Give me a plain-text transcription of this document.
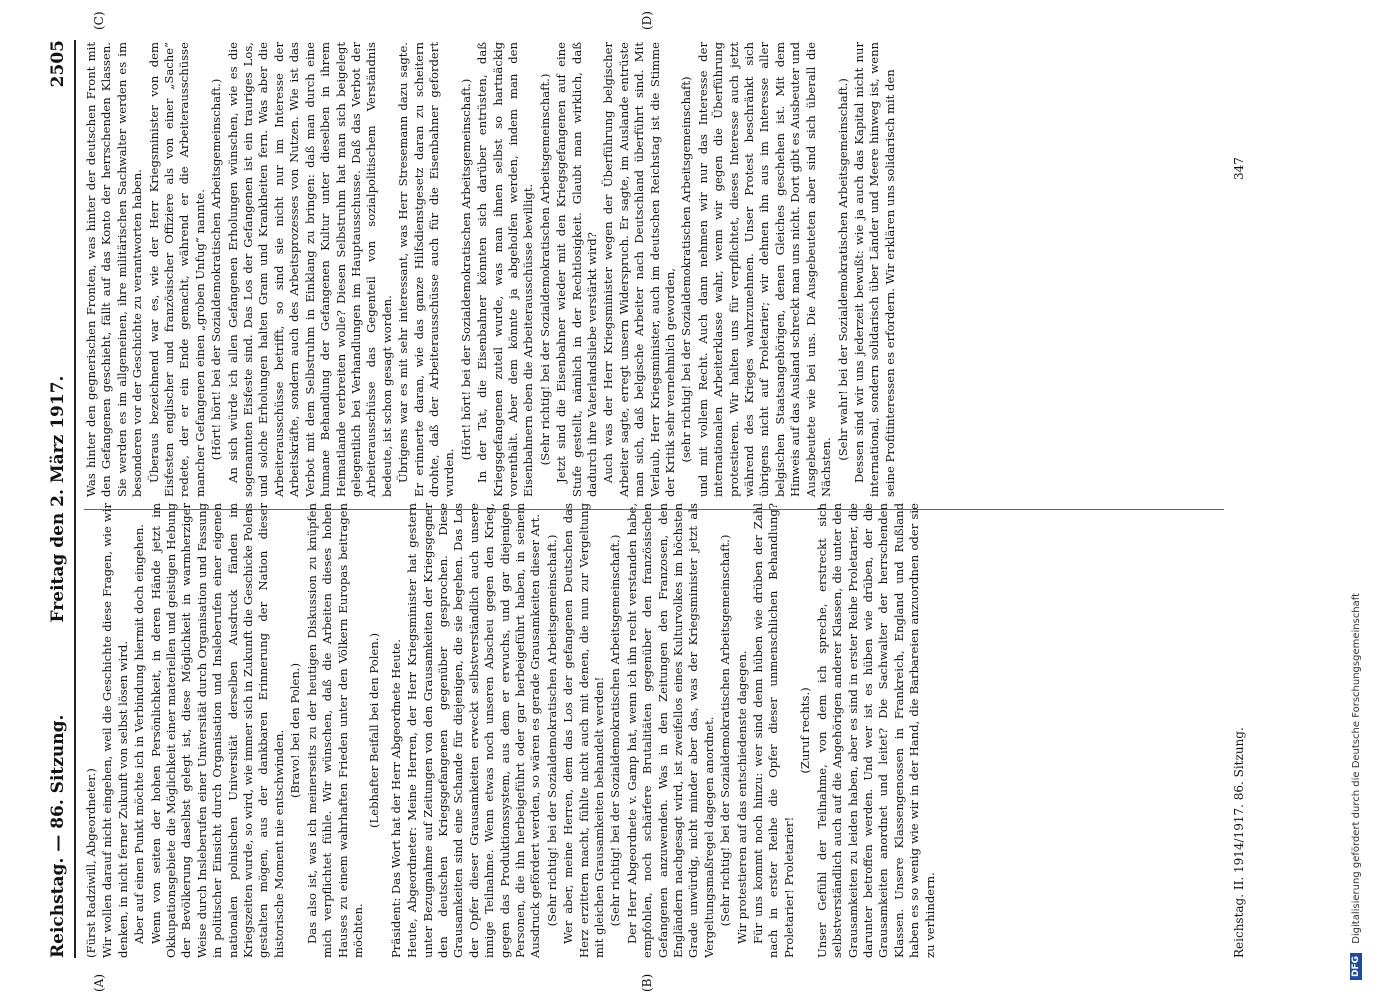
Reichstag. — 86. Sitzung.
Freitag den 2. März 1917.
2505
(A)	(B)
(C)	(D)

(Fürst Radziwill, Abgeordneter.) Wir wollen darauf nicht eingehen, weil die Geschichte diese Fragen, wie wir denken, in nicht ferner Zukunft von selbst lösen wird. Aber auf einen Punkt möchte ich in Verbindung hiermit doch eingehen. Wenn von seiten der hohen Persönlichkeit, in deren Hände jetzt im Okkupationsgebiete die Möglichkeit einer materiellen und geistigen Hebung der Bevölkerung daselbst gelegt ist, diese Möglichkeit in warmherziger Weise durch Insleberufen einer Universität durch Organisation und Fassung in politischer Einsicht durch Organisation und Insleberufen einer eigenen nationalen polnischen Universität derselben Ausdruck fänden im Kriegszeiten wurde, so wird, wie immer sich in Zukunft die Geschicke Polens gestalten mögen, aus der dankbaren Erinnerung der Nation dieser historische Moment nie entschwinden. (Bravo! bei den Polen.) Das also ist, was ich meinerseits zu der heutigen Diskussion zu knüpfen mich verpflichtet fühle. Wir wünschen, daß die Arbeiten dieses hohen Hauses zu einem wahrhaften Frieden unter den Völkern Europas beitragen möchten.

(Lebhafter Beifall bei den Polen.) Präsident: Das Wort hat der Herr Abgeordnete Heute. Heute, Abgeordneter: Meine Herren, der Herr Kriegsminister hat gestern unter Bezugnahme auf Zeitungen von den Grausamkeiten der Kriegsgegner den deutschen Kriegsgefangenen gegenüber gesprochen. Diese Grausamkeiten sind eine Schande für diejenigen, die sie begehen. Das Los der Opfer dieser Grausamkeiten erweckt selbstverständlich auch unsere innige Teilnahme. Wenn etwas noch unseren Abscheu gegen den Krieg, gegen das Produktionssystem, aus dem er erwuchs, und gar diejenigen Personen, die ihn herbeigeführt oder gar herbeigeführt haben, in seinem Ausdruck gefördert werden, so wären es gerade Grausamkeiten dieser Art. (Sehr richtig! bei der Sozialdemokratischen Arbeitsgemeinschaft.) Wer aber, meine Herren, dem das Los der gefangenen Deutschen das Herz erzittern macht, fühlte nicht auch mit denen, die nun zur Vergeltung mit gleichen Grausamkeiten behandelt werden! (Sehr richtig! bei der Sozialdemokratischen Arbeitsgemeinschaft.) Der Herr Abgeordnete v. Gamp hat, wenn ich ihn recht verstanden habe, empfohlen, noch schärfere Brutalitäten gegenüber den französischen Gefangenen anzuwenden. Was in den Zeitungen den Franzosen, den Engländern nachgesagt wird, ist zweifellos eines Kulturvolkes im höchsten Grade unwürdig, nicht minder aber das, was der Kriegsminister jetzt als Vergeltungsmaßregel dagegen anordnet. (Sehr richtig! bei der Sozialdemokratischen Arbeitsgemeinschaft.) Wir protestieren auf das entschiedenste dagegen. Für uns kommt noch hinzu: wer sind denn hüben wie drüben der Zahl nach in erster Reihe die Opfer dieser unmenschlichen Behandlung? Proletarier! Proletarier!

(Zuruf rechts.) Unser Gefühl der Teilnahme, von dem ich spreche, erstreckt sich selbstverständlich auch auf die Angehörigen anderer Klassen, die unter den Grausamkeiten zu leiden haben, aber es sind in erster Reihe Proletarier, die darunter betroffen werden. Und wer ist es hüben wie drüben, der die Grausamkeiten anordnet und leitet? Die Sachwalter der herrschenden Klassen. Unsere Klassengenossen in Frankreich, England und Rußland haben es so wenig wie wir in der Hand, die Barbareien anzuordnen oder sie zu verhindern.

Was hinter den gegnerischen Fronten, was hinter der deutschen Front mit den Gefangenen geschieht, fällt auf das Konto der herrschenden Klassen. Sie werden es im allgemeinen, ihre militärischen Sachwalter werden es im besonderen vor der Geschichte zu verantworten haben. Überaus bezeichnend war es, wie der Herr Kriegsminister von dem Eisfesten englischer und französischer Offiziere als von einer „Sache“ redete, der er ein Ende gemacht, während er die Arbeiterausschüsse mancher Gefangenen einen „groben Unfug“ nannte. (Hört! hört! bei der Sozialdemokratischen Arbeitsgemeinschaft.) An sich würde ich allen Gefangenen Erholungen wünschen, wie es die sogenannten Eisfeste sind. Das Los der Gefangenen ist ein trauriges Los, und solche Erholungen halten Gram und Krankheiten fern. Was aber die Arbeiterausschüsse betrifft, so sind sie nicht nur im Interesse der Arbeitskräfte, sondern auch des Arbeitsprozesses von Nutzen. Wie ist das Verbot mit dem Selbstruhm in Einklang zu bringen: daß man durch eine humane Behandlung der Gefangenen Kultur unter dieselben in ihrem Heimatlande verbreiten wolle? Diesen Selbstruhm hat man sich beigelegt gelegentlich bei Verhandlungen im Hauptausschusse. Daß das Verbot der Arbeiterausschüsse das Gegenteil von sozialpolitischem Verständnis bedeute, ist schon gesagt worden. Übrigens war es mit sehr interessant, was Herr Stresemann dazu sagte. Er erinnerte daran, wie das ganze Hilfsdienstgesetz daran zu scheitern drohte, daß der Arbeiterausschüsse auch für die Eisenbahner gefordert wurden.

(Hört! hört! bei der Sozialdemokratischen Arbeitsgemeinschaft.) In der Tat, die Eisenbahner könnten sich darüber entrüsten, daß Kriegsgefangenen zuteil wurde, was man ihnen selbst so hartnäckig vorenthält. Aber dem könnte ja abgeholfen werden, indem man den Eisenbahnern eben die Arbeiterausschüsse bewilligt. (Sehr richtig! bei der Sozialdemokratischen Arbeitsgemeinschaft.) Jetzt sind die Eisenbahner wieder mit den Kriegsgefangenen auf eine Stufe gestellt, nämlich in der Rechtlosigkeit. Glaubt man wirklich, daß dadurch ihre Vaterlandsliebe verstärkt wird? Auch was der Herr Kriegsminister wegen der Überführung belgischer Arbeiter sagte, erregt unsern Widerspruch. Er sagte, im Auslande entrüste man sich, daß belgische Arbeiter nach Deutschland überführt sind. Mit Verlaub, Herr Kriegsminister, auch im deutschen Reichstag ist die Stimme der Kritik sehr vernehmlich geworden, (sehr richtig! bei der Sozialdemokratischen Arbeitsgemeinschaft) und mit vollem Recht. Auch dann nehmen wir nur das Interesse der internationalen Arbeiterklasse wahr, wenn wir gegen die Überführung protestieren. Wir halten uns für verpflichtet, dieses Interesse auch jetzt während des Krieges wahrzunehmen. Unser Protest beschränkt sich übrigens nicht auf Proletarier; wir dehnen ihn aus im Interesse aller belgischen Staatsangehörigen, denen Gleiches geschehen ist. Mit dem Hinweis auf das Ausland schreckt man uns nicht. Dort gibt es Ausbeuter und Ausgebeutete wie bei uns. Die Ausgebeuteten aber sind sich überall die Nächsten.

(Sehr wahr! bei der Sozialdemokratischen Arbeitsgemeinschaft.) Dessen sind wir uns jederzeit bewußt: wie ja auch das Kapital nicht nur international, sondern solidarisch über Länder und Meere hinweg ist, wenn seine Profitinteressen es erfordern. Wir erklären uns solidarisch mit den

Reichstag. II. 1914/1917. 86. Sitzung.
347
DFG Digitalisierung gefördert durch die Deutsche Forschungsgemeinschaft
